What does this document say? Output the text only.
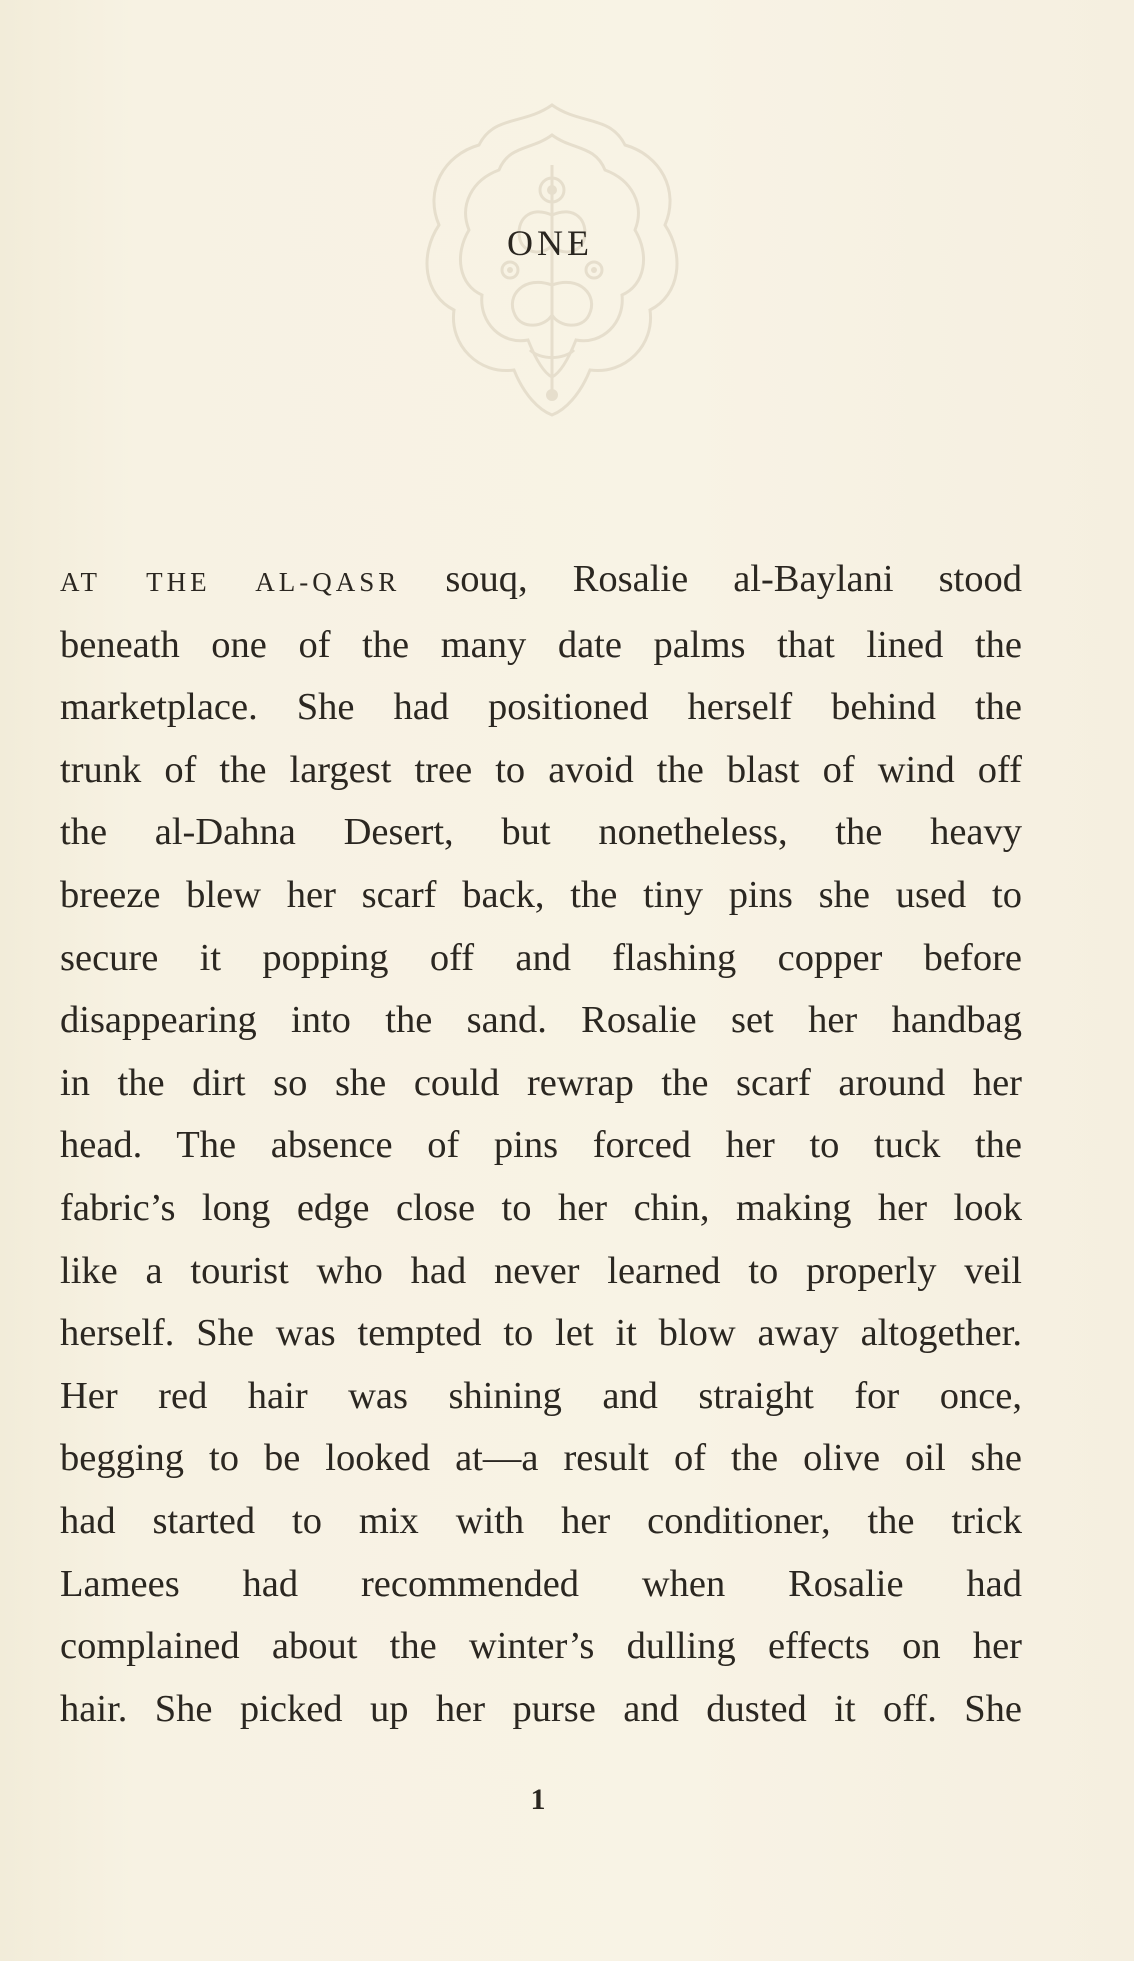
ONE
AT THE AL-QASR souq, Rosalie al-Baylani stood
beneath one of the many date palms that lined the
marketplace. She had positioned herself behind the
trunk of the largest tree to avoid the blast of wind off
the al-Dahna Desert, but nonetheless, the heavy
breeze blew her scarf back, the tiny pins she used to
secure it popping off and flashing copper before
disappearing into the sand. Rosalie set her handbag
in the dirt so she could rewrap the scarf around her
head. The absence of pins forced her to tuck the
fabric’s long edge close to her chin, making her look
like a tourist who had never learned to properly veil
herself. She was tempted to let it blow away altogether.
Her red hair was shining and straight for once,
begging to be looked at—a result of the olive oil she
had started to mix with her conditioner, the trick
Lamees had recommended when Rosalie had
complained about the winter’s dulling effects on her
hair. She picked up her purse and dusted it off. She
1
